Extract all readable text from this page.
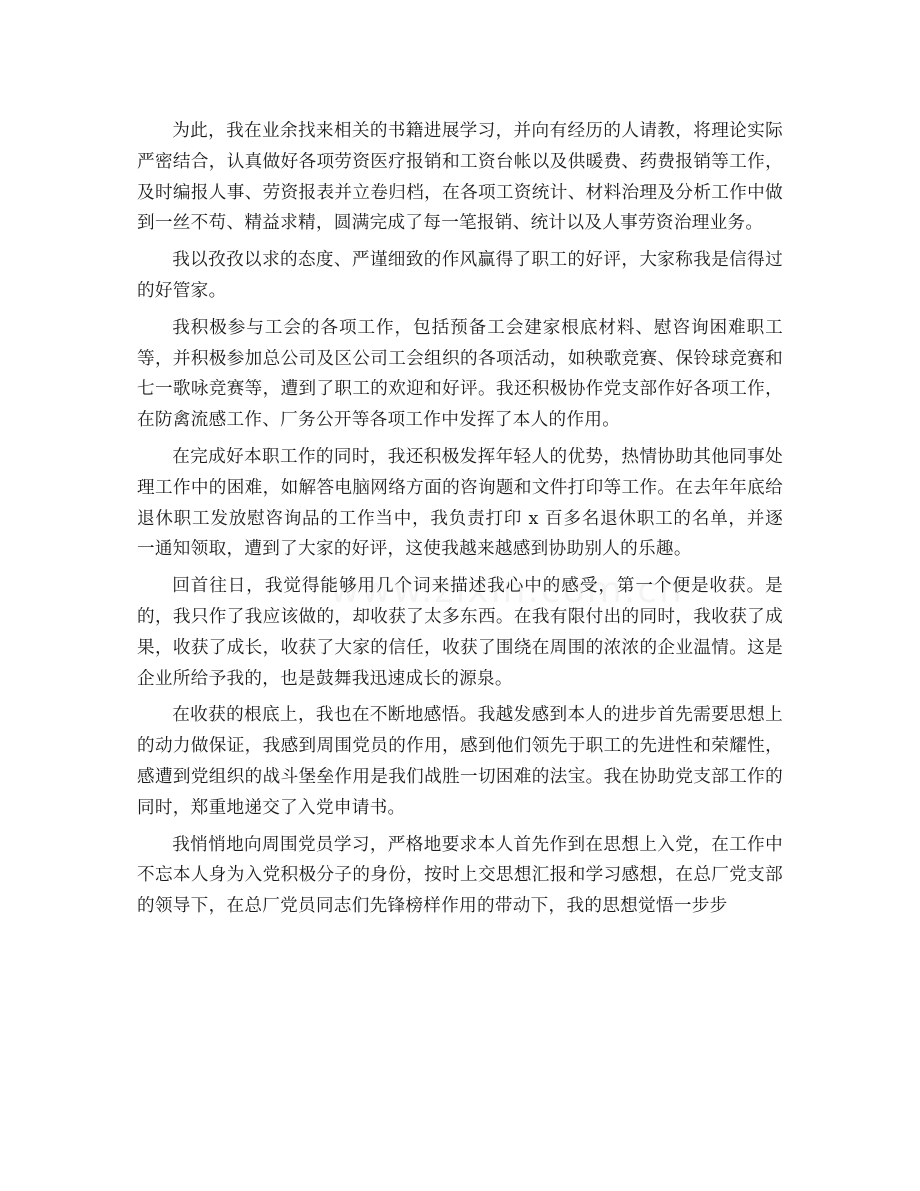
为此，我在业余找来相关的书籍进展学习，并向有经历的人请教，将理论实际严密结合，认真做好各项劳资医疗报销和工资台帐以及供暖费、药费报销等工作，及时编报人事、劳资报表并立卷归档，在各项工资统计、材料治理及分析工作中做到一丝不苟、精益求精，圆满完成了每一笔报销、统计以及人事劳资治理业务。

我以孜孜以求的态度、严谨细致的作风赢得了职工的好评，大家称我是信得过的好管家。

我积极参与工会的各项工作，包括预备工会建家根底材料、慰咨询困难职工等，并积极参加总公司及区公司工会组织的各项活动，如秧歌竞赛、保铃球竞赛和七一歌咏竞赛等，遭到了职工的欢迎和好评。我还积极协作党支部作好各项工作，在防禽流感工作、厂务公开等各项工作中发挥了本人的作用。

在完成好本职工作的同时，我还积极发挥年轻人的优势，热情协助其他同事处理工作中的困难，如解答电脑网络方面的咨询题和文件打印等工作。在去年年底给退休职工发放慰咨询品的工作当中，我负责打印 x 百多名退休职工的名单，并逐一通知领取，遭到了大家的好评，这使我越来越感到协助别人的乐趣。

回首往日，我觉得能够用几个词来描述我心中的感受，第一个便是收获。是的，我只作了我应该做的，却收获了太多东西。在我有限付出的同时，我收获了成果，收获了成长，收获了大家的信任，收获了围绕在周围的浓浓的企业温情。这是企业所给予我的，也是鼓舞我迅速成长的源泉。

在收获的根底上，我也在不断地感悟。我越发感到本人的进步首先需要思想上的动力做保证，我感到周围党员的作用，感到他们领先于职工的先进性和荣耀性，感遭到党组织的战斗堡垒作用是我们战胜一切困难的法宝。我在协助党支部工作的同时，郑重地递交了入党申请书。

我悄悄地向周围党员学习，严格地要求本人首先作到在思想上入党，在工作中不忘本人身为入党积极分子的身份，按时上交思想汇报和学习感想，在总厂党支部的领导下，在总厂党员同志们先锋榜样作用的带动下，我的思想觉悟一步步
